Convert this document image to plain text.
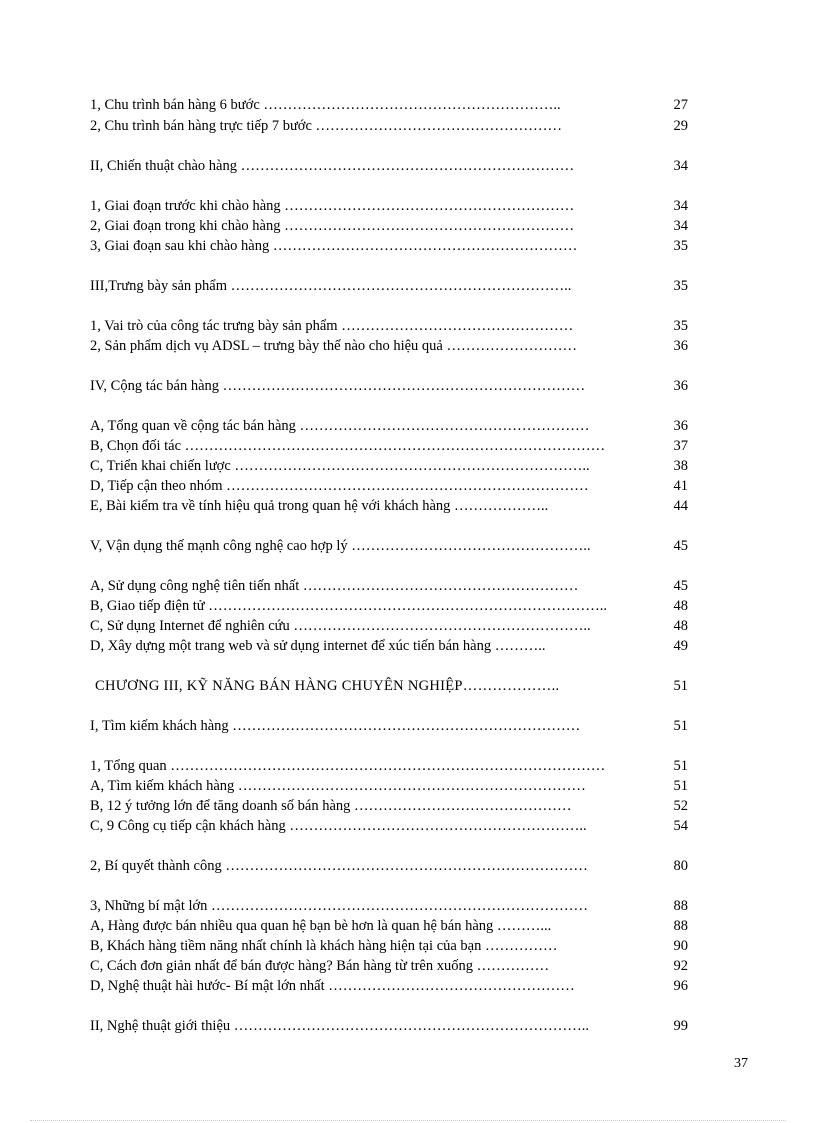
1, Chu trình bán hàng 6 bước ……………………………………………………..	27
2, Chu trình bán hàng trực tiếp 7 bước ……………………………………………	29
II, Chiến thuật chào hàng ……………………………………………………………	34
1, Giai đoạn trước khi chào hàng ……………………………………………………	34
2, Giai đoạn trong khi chào hàng ……………………………………………………	34
3, Giai đoạn sau khi chào hàng ………………………………………………………	35
III,Trưng bày sản phẩm ……………………………………………………………..	35
1, Vai trò của công tác trưng bày sản phẩm …………………………………………	35
2, Sản phẩm dịch vụ ADSL – trưng bày thế nào cho hiệu quả ………………………	36
IV, Cộng tác bán hàng …………………………………………………………………	36
A, Tổng quan về cộng tác bán hàng ……………………………………………………	36
B, Chọn đối tác ……………………………………………………………………………	37
C, Triển khai chiến lược ………………………………………………………………..	38
D, Tiếp cận theo nhóm …………………………………………………………………	41
E, Bài kiểm tra về tính hiệu quả trong quan hệ với khách hàng ………………..	44
V, Vận dụng thế mạnh công nghệ cao hợp lý …………………………………………..	45
A, Sử dụng công nghệ tiên tiến nhất …………………………………………………	45
B, Giao tiếp điện tử ………………………………………………………………………..	48
C, Sử dụng Internet để nghiên cứu ……………………………………………………..	48
D, Xây dựng một trang web và sử dụng internet để xúc tiến bán hàng ………..	49
CHƯƠNG III, KỸ NĂNG BÁN HÀNG CHUYÊN NGHIỆP………………..	51
I, Tìm kiếm khách hàng ………………………………………………………………	51
1, Tổng quan ………………………………………………………………………………	51
A, Tìm kiếm khách hàng ………………………………………………………………	51
B, 12 ý tưởng lớn để tăng doanh số bán hàng ………………………………………	52
C, 9 Công cụ tiếp cận khách hàng ……………………………………………………..	54
2, Bí quyết thành công …………………………………………………………………	80
3, Những bí mật lớn ……………………………………………………………………	88
A, Hàng được bán nhiều qua quan hệ bạn bè hơn là quan hệ bán hàng ………...	88
B, Khách hàng tiềm năng nhất chính là khách hàng hiện tại của bạn ……………	90
C, Cách đơn giản nhất để bán được hàng? Bán hàng từ trên xuống ……………	92
D, Nghệ thuật hài hước- Bí mật lớn nhất ……………………………………………	96
II, Nghệ thuật giới thiệu ………………………………………………………………..	99
37
